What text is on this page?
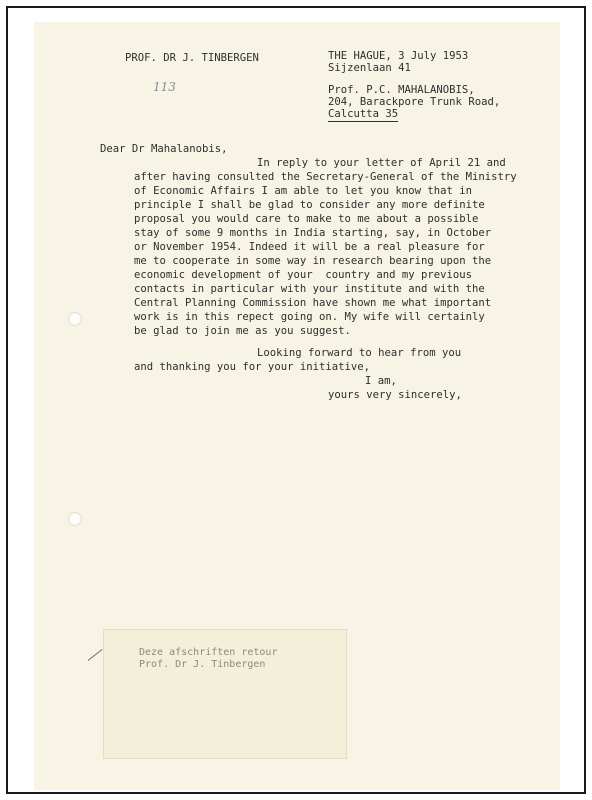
PROF. DR J. TINBERGEN	THE HAGUE, 3 July 1953
Sijzenlaan 41
113	Prof. P.C. MAHALANOBIS,
204, Barackpore Trunk Road,
Calcutta 35
Dear Dr Mahalanobis,
In reply to your letter of April 21 and
after having consulted the Secretary-General of the Ministry
of Economic Affairs I am able to let you know that in
principle I shall be glad to consider any more definite
proposal you would care to make to me about a possible
stay of some 9 months in India starting, say, in October
or November 1954. Indeed it will be a real pleasure for
me to cooperate in some way in research bearing upon the
economic development of your  country and my previous
contacts in particular with your institute and with the
Central Planning Commission have shown me what important
work is in this repect going on. My wife will certainly
be glad to join me as you suggest.
Looking forward to hear from you
and thanking you for your initiative,
I am,
yours very sincerely,
Deze afschriften retour
Prof. Dr J. Tinbergen
